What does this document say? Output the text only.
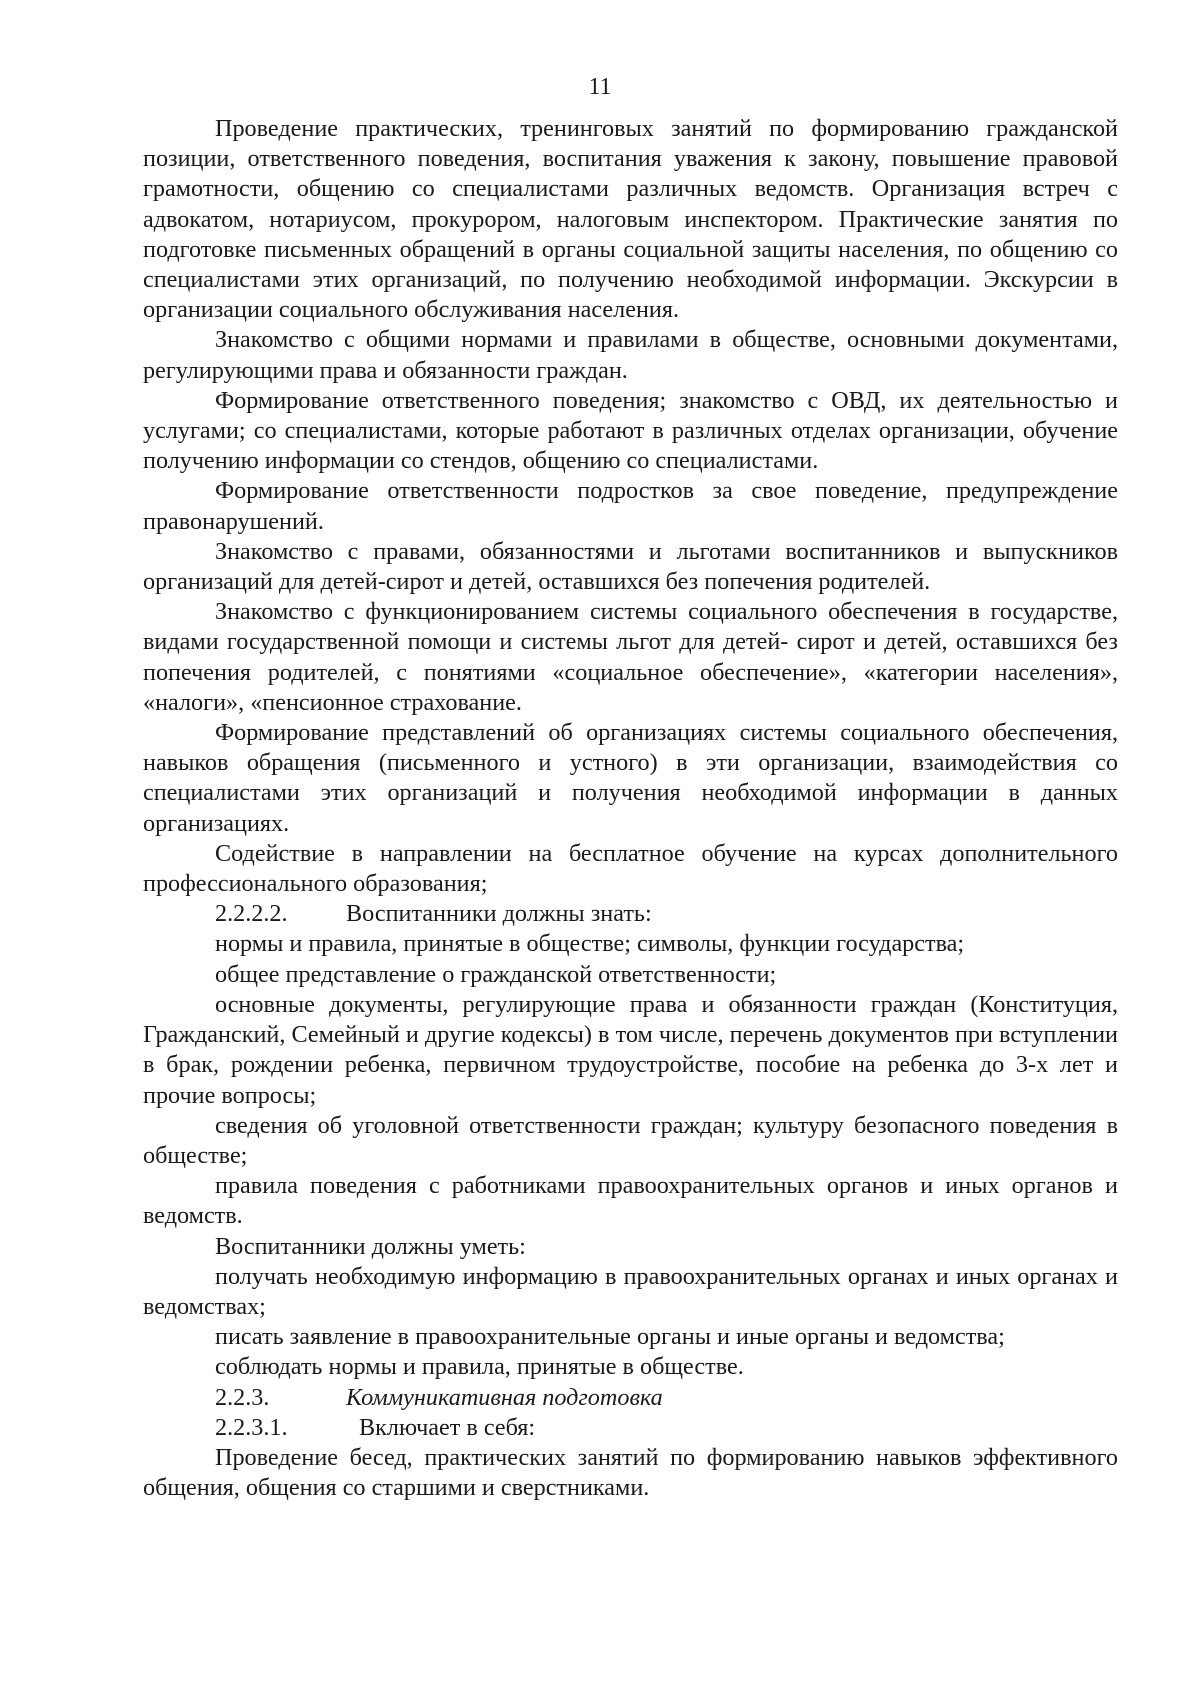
11

Проведение практических, тренинговых занятий по формированию гражданской позиции, ответственного поведения, воспитания уважения к закону, повышение правовой грамотности, общению со специалистами различных ведомств. Организация встреч с адвокатом, нотариусом, прокурором, налоговым инспектором. Практические занятия по подготовке письменных обращений в органы социальной защиты населения, по общению со специалистами этих организаций, по получению необходимой информации. Экскурсии в организации социального обслуживания населения.

Знакомство с общими нормами и правилами в обществе, основными документами, регулирующими права и обязанности граждан.

Формирование ответственного поведения; знакомство с ОВД, их деятельностью и услугами; со специалистами, которые работают в различных отделах организации, обучение получению информации со стендов, общению со специалистами.

Формирование ответственности подростков за свое поведение, предупреждение правонарушений.

Знакомство с правами, обязанностями и льготами воспитанников и выпускников организаций для детей-сирот и детей, оставшихся без попечения родителей.

Знакомство с функционированием системы социального обеспечения в государстве, видами государственной помощи и системы льгот для детей- сирот и детей, оставшихся без попечения родителей, с понятиями «социальное обеспечение», «категории населения», «налоги», «пенсионное страхование.

Формирование представлений об организациях системы социального обеспечения, навыков обращения (письменного и устного) в эти организации, взаимодействия со специалистами этих организаций и получения необходимой информации в данных организациях.

Содействие в направлении на бесплатное обучение на курсах дополнительного профессионального образования;

2.2.2.2. Воспитанники должны знать:

нормы и правила, принятые в обществе; символы, функции государства;

общее представление о гражданской ответственности;

основные документы, регулирующие права и обязанности граждан (Конституция, Гражданский, Семейный и другие кодексы) в том числе, перечень документов при вступлении в брак, рождении ребенка, первичном трудоустройстве, пособие на ребенка до 3-х лет и прочие вопросы;

сведения об уголовной ответственности граждан; культуру безопасного поведения в обществе;

правила поведения с работниками правоохранительных органов и иных органов и ведомств.

Воспитанники должны уметь:

получать необходимую информацию в правоохранительных органах и иных органах и ведомствах;

писать заявление в правоохранительные органы и иные органы и ведомства;

соблюдать нормы и правила, принятые в обществе.

2.2.3.	Коммуникативная подготовка

2.2.3.1.	Включает в себя:

Проведение бесед, практических занятий по формированию навыков эффективного общения, общения со старшими и сверстниками.
